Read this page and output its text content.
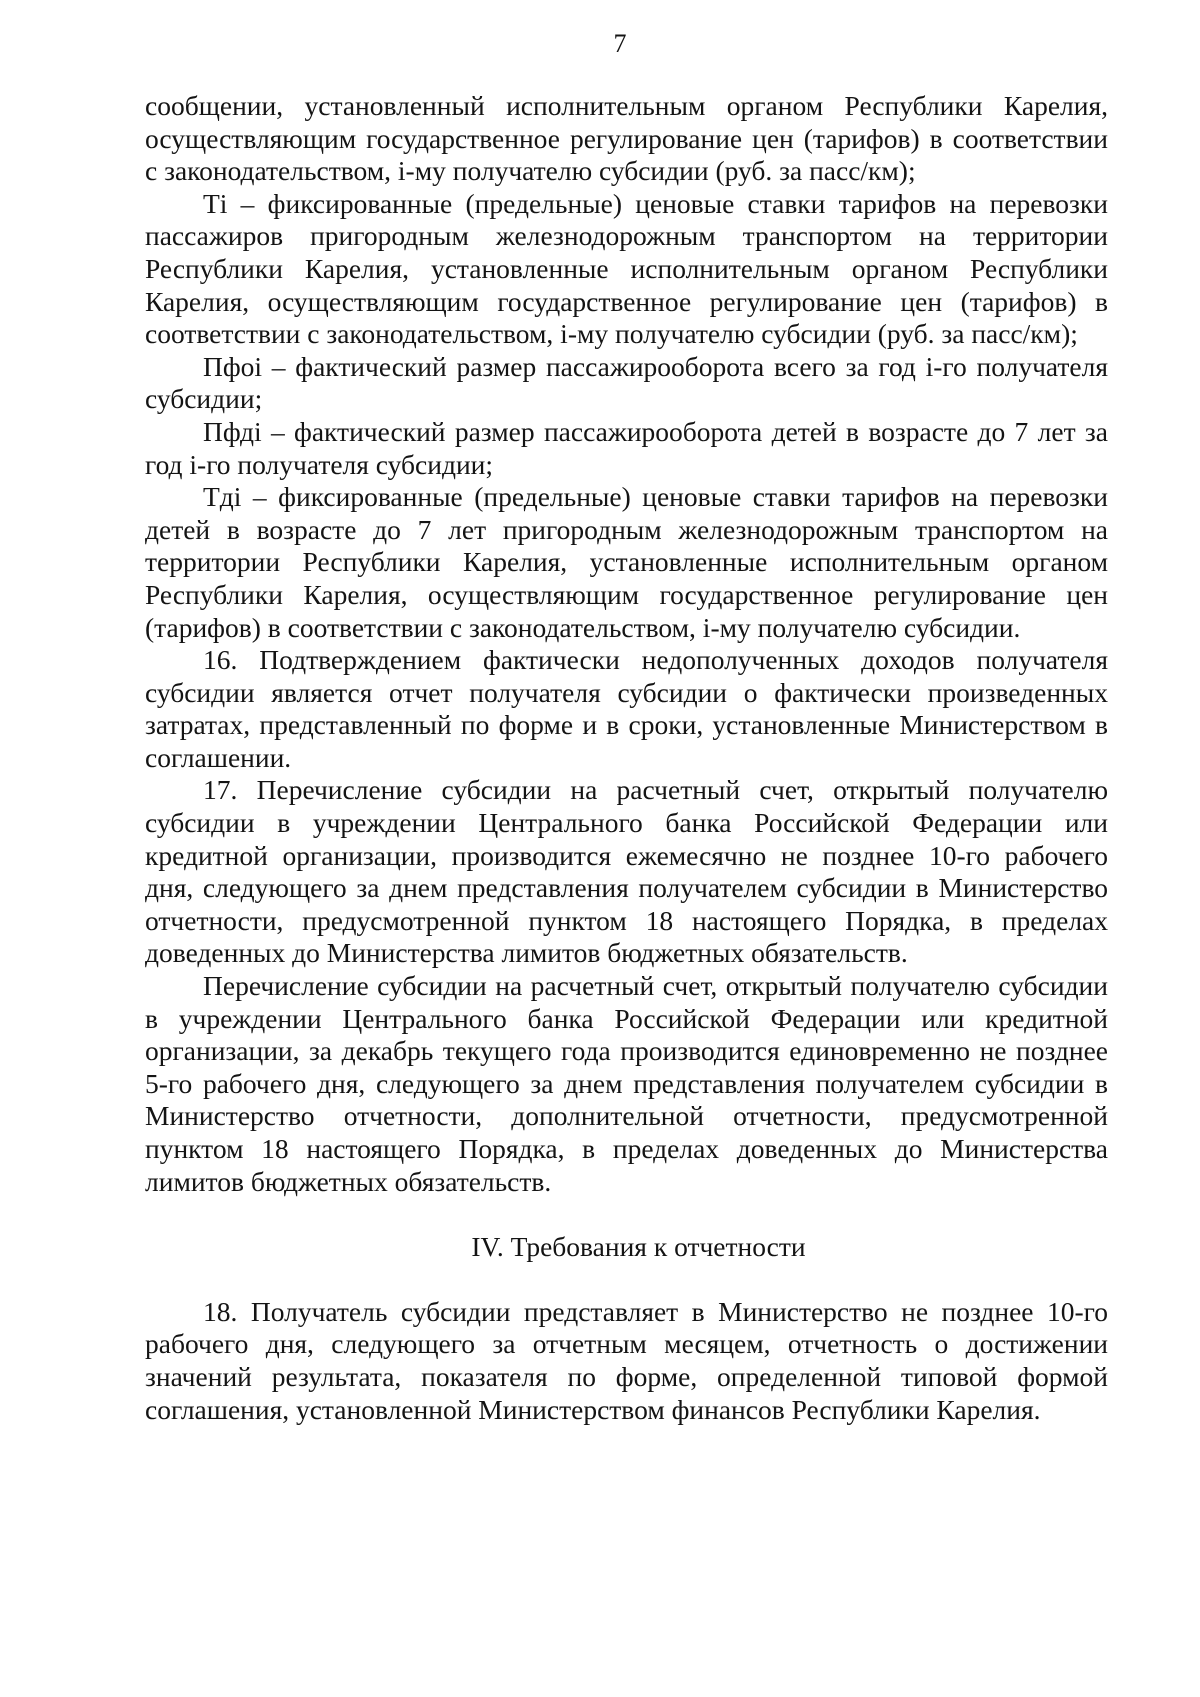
7

сообщении, установленный исполнительным органом Республики Карелия, осуществляющим государственное регулирование цен (тарифов) в соответствии с законодательством, i-му получателю субсидии (руб. за пасс/км);

Тi – фиксированные (предельные) ценовые ставки тарифов на перевозки пассажиров пригородным железнодорожным транспортом на территории Республики Карелия, установленные исполнительным органом Республики Карелия, осуществляющим государственное регулирование цен (тарифов) в соответствии с законодательством, i-му получателю субсидии (руб. за пасс/км);

Пфоi – фактический размер пассажирооборота всего за год i-го получателя субсидии;

Пфдi – фактический размер пассажирооборота детей в возрасте до 7 лет за год i-го получателя субсидии;

Тдi – фиксированные (предельные) ценовые ставки тарифов на перевозки детей в возрасте до 7 лет пригородным железнодорожным транспортом на территории Республики Карелия, установленные исполнительным органом Республики Карелия, осуществляющим государственное регулирование цен (тарифов) в соответствии с законодательством, i-му получателю субсидии.

16. Подтверждением фактически недополученных доходов получателя субсидии является отчет получателя субсидии о фактически произведенных затратах, представленный по форме и в сроки, установленные Министерством в соглашении.

17. Перечисление субсидии на расчетный счет, открытый получателю субсидии в учреждении Центрального банка Российской Федерации или кредитной организации, производится ежемесячно не позднее 10-го рабочего дня, следующего за днем представления получателем субсидии в Министерство отчетности, предусмотренной пунктом 18 настоящего Порядка, в пределах доведенных до Министерства лимитов бюджетных обязательств.

Перечисление субсидии на расчетный счет, открытый получателю субсидии в учреждении Центрального банка Российской Федерации или кредитной организации, за декабрь текущего года производится единовременно не позднее 5-го рабочего дня, следующего за днем представления получателем субсидии в Министерство отчетности, дополнительной отчетности, предусмотренной пунктом 18 настоящего Порядка, в пределах доведенных до Министерства лимитов бюджетных обязательств.

IV. Требования к отчетности

18. Получатель субсидии представляет в Министерство не позднее 10-го рабочего дня, следующего за отчетным месяцем, отчетность о достижении значений результата, показателя по форме, определенной типовой формой соглашения, установленной Министерством финансов Республики Карелия.
